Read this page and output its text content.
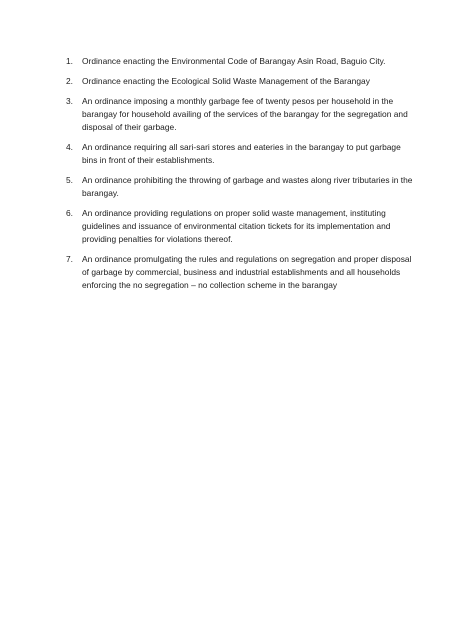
1.	Ordinance enacting the Environmental Code of Barangay Asin Road, Baguio City.
2.	Ordinance enacting the Ecological Solid Waste Management of the Barangay
3.	An ordinance imposing a monthly garbage fee of twenty pesos per household in the barangay for household availing of the services of the barangay for the segregation and disposal of their garbage.
4.	An ordinance requiring all sari-sari stores and eateries in the barangay to put garbage bins in front of their establishments.
5.	An ordinance prohibiting the throwing of garbage and wastes along river tributaries in the barangay.
6.	An ordinance providing regulations on proper solid waste management, instituting guidelines and issuance of environmental citation tickets for its implementation and providing penalties for violations thereof.
7.	An ordinance promulgating the rules and regulations on segregation and proper disposal of garbage by commercial, business and industrial establishments and all households enforcing the no segregation – no collection scheme in the barangay
